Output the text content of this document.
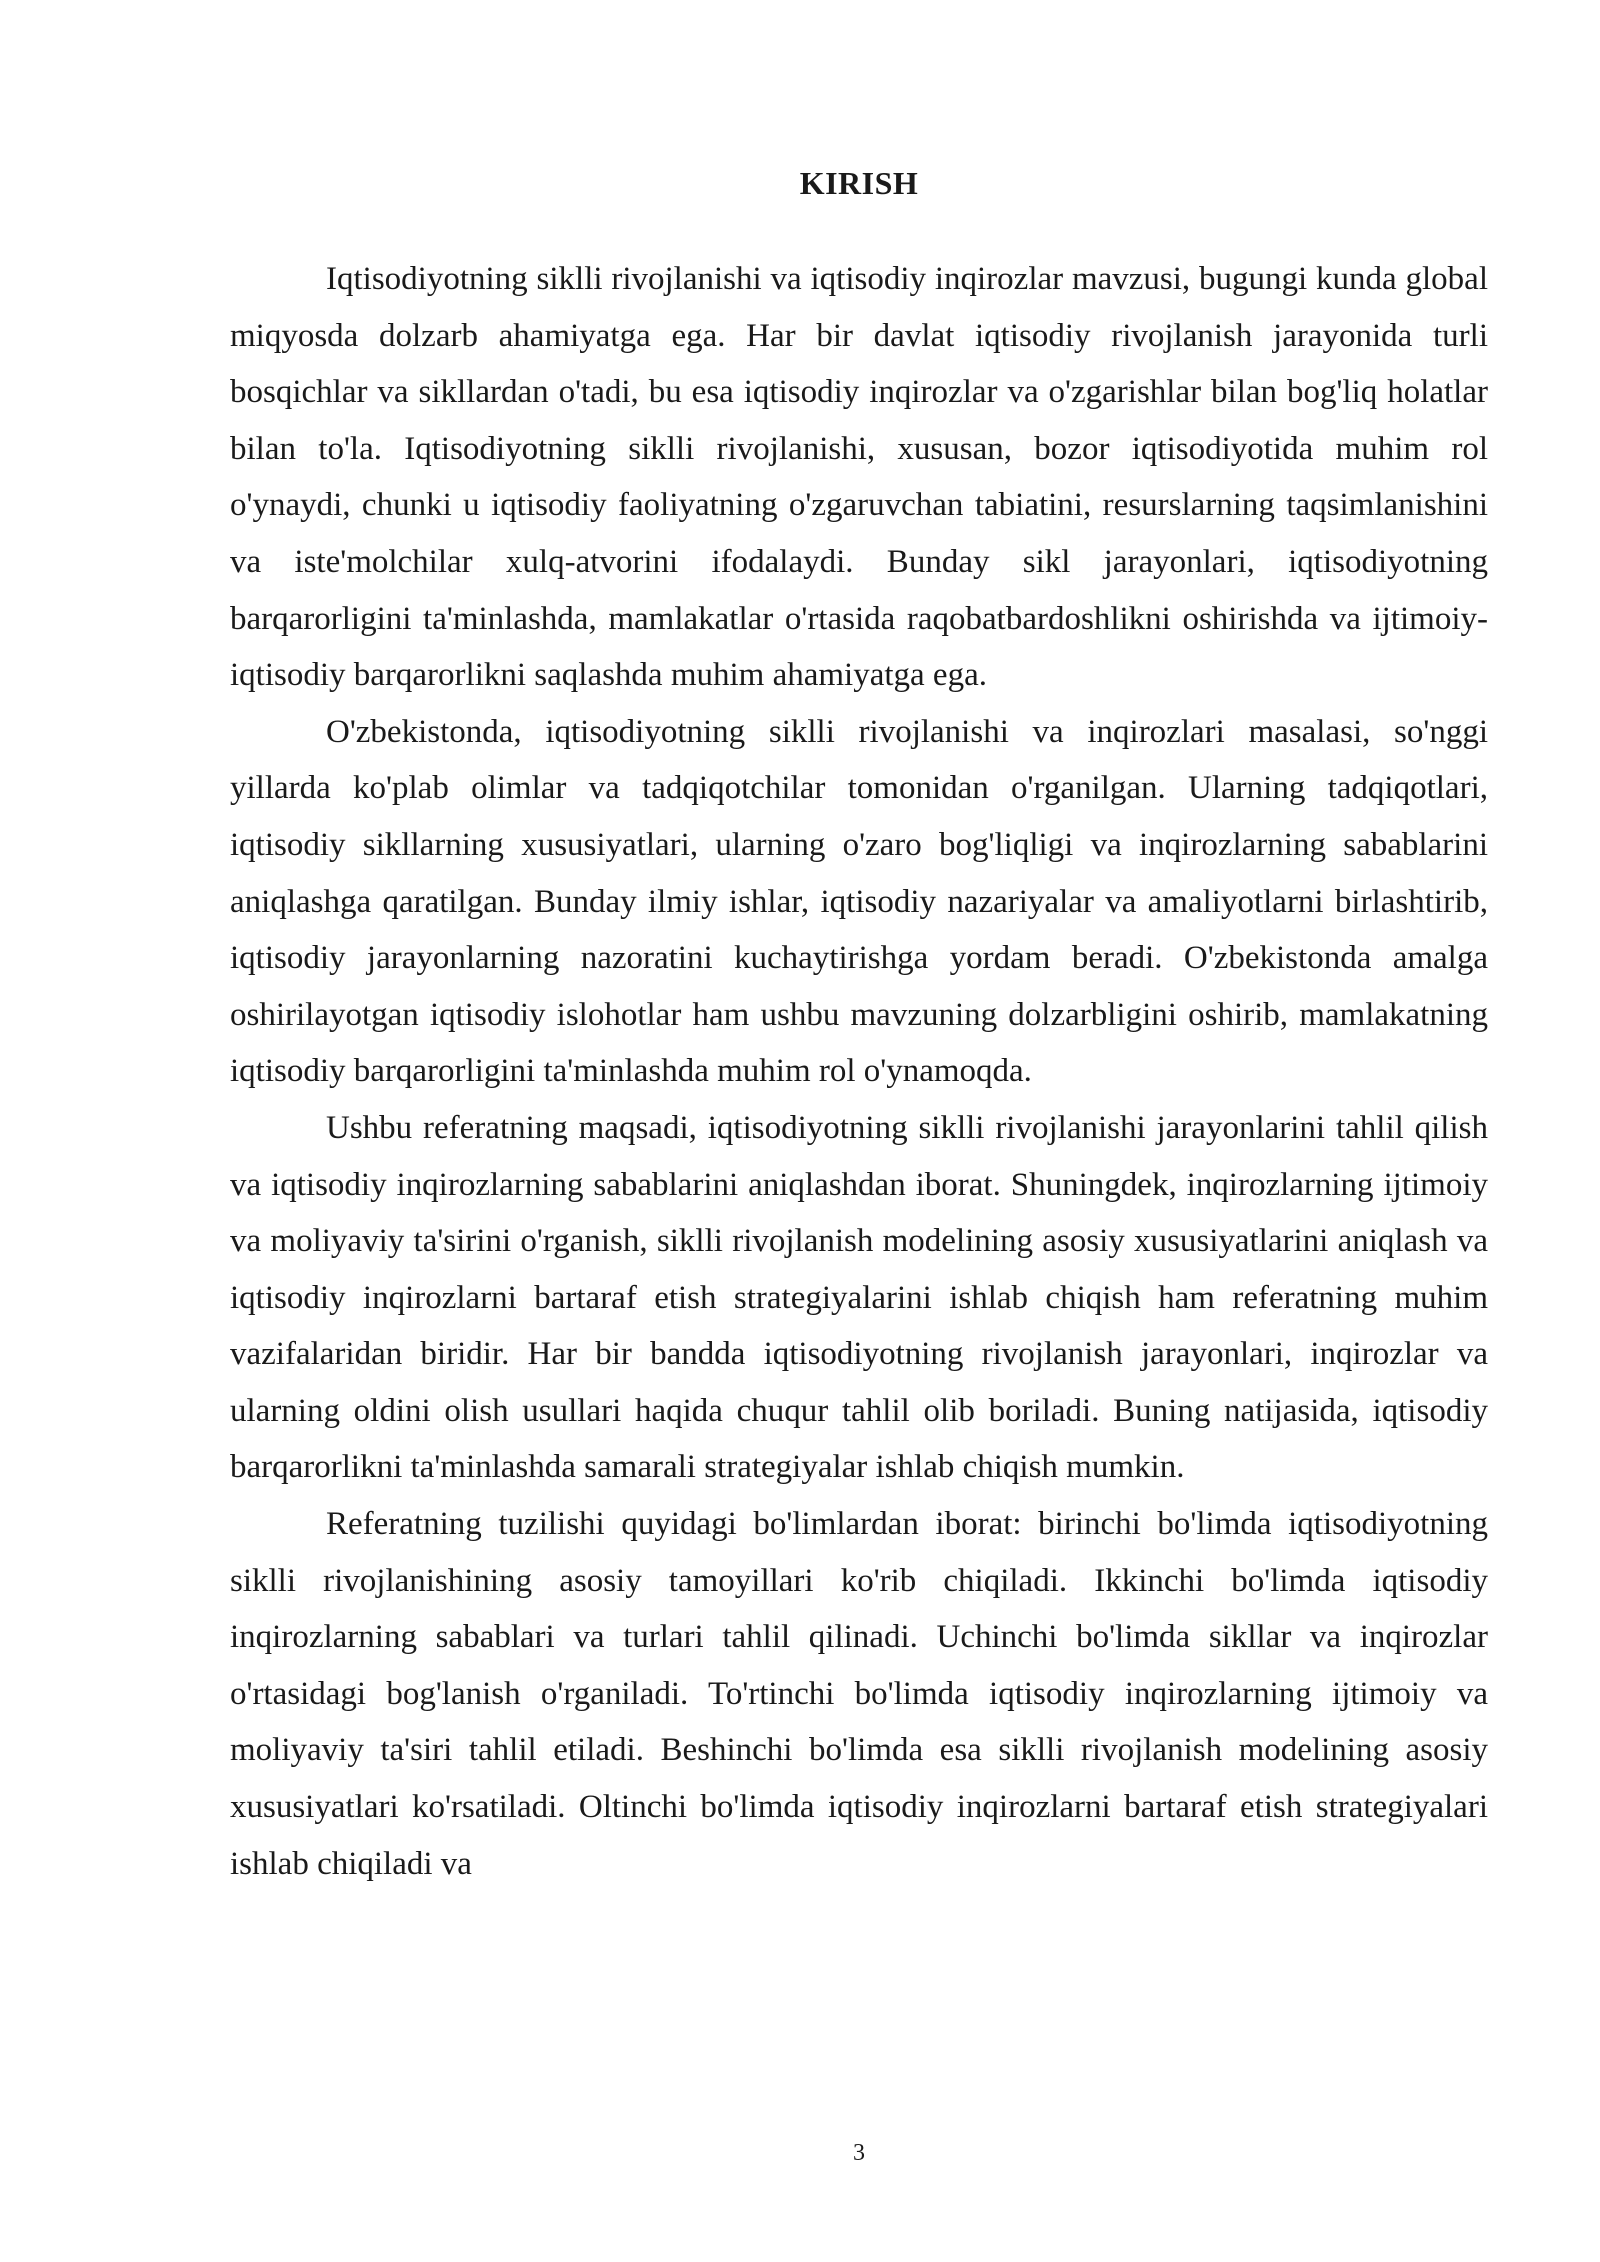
KIRISH

Iqtisodiyotning siklli rivojlanishi va iqtisodiy inqirozlar mavzusi, bugungi kunda global miqyosda dolzarb ahamiyatga ega. Har bir davlat iqtisodiy rivojlanish jarayonida turli bosqichlar va sikllardan o'tadi, bu esa iqtisodiy inqirozlar va o'zgarishlar bilan bog'liq holatlar bilan to'la. Iqtisodiyotning siklli rivojlanishi, xususan, bozor iqtisodiyotida muhim rol o'ynaydi, chunki u iqtisodiy faoliyatning o'zgaruvchan tabiatini, resurslarning taqsimlanishini va iste'molchilar xulq-atvorini ifodalaydi. Bunday sikl jarayonlari, iqtisodiyotning barqarorligini ta'minlashda, mamlakatlar o'rtasida raqobatbardoshlikni oshirishda va ijtimoiy-iqtisodiy barqarorlikni saqlashda muhim ahamiyatga ega.

O'zbekistonda, iqtisodiyotning siklli rivojlanishi va inqirozlari masalasi, so'nggi yillarda ko'plab olimlar va tadqiqotchilar tomonidan o'rganilgan. Ularning tadqiqotlari, iqtisodiy sikllarning xususiyatlari, ularning o'zaro bog'liqligi va inqirozlarning sabablarini aniqlashga qaratilgan. Bunday ilmiy ishlar, iqtisodiy nazariyalar va amaliyotlarni birlashtirib, iqtisodiy jarayonlarning nazoratini kuchaytirishga yordam beradi. O'zbekistonda amalga oshirilayotgan iqtisodiy islohotlar ham ushbu mavzuning dolzarbligini oshirib, mamlakatning iqtisodiy barqarorligini ta'minlashda muhim rol o'ynamoqda.

Ushbu referatning maqsadi, iqtisodiyotning siklli rivojlanishi jarayonlarini tahlil qilish va iqtisodiy inqirozlarning sabablarini aniqlashdan iborat. Shuningdek, inqirozlarning ijtimoiy va moliyaviy ta'sirini o'rganish, siklli rivojlanish modelining asosiy xususiyatlarini aniqlash va iqtisodiy inqirozlarni bartaraf etish strategiyalarini ishlab chiqish ham referatning muhim vazifalaridan biridir. Har bir bandda iqtisodiyotning rivojlanish jarayonlari, inqirozlar va ularning oldini olish usullari haqida chuqur tahlil olib boriladi. Buning natijasida, iqtisodiy barqarorlikni ta'minlashda samarali strategiyalar ishlab chiqish mumkin.

Referatning tuzilishi quyidagi bo'limlardan iborat: birinchi bo'limda iqtisodiyotning siklli rivojlanishining asosiy tamoyillari ko'rib chiqiladi. Ikkinchi bo'limda iqtisodiy inqirozlarning sabablari va turlari tahlil qilinadi. Uchinchi bo'limda sikllar va inqirozlar o'rtasidagi bog'lanish o'rganiladi. To'rtinchi bo'limda iqtisodiy inqirozlarning ijtimoiy va moliyaviy ta'siri tahlil etiladi. Beshinchi bo'limda esa siklli rivojlanish modelining asosiy xususiyatlari ko'rsatiladi. Oltinchi bo'limda iqtisodiy inqirozlarni bartaraf etish strategiyalari ishlab chiqiladi va

3
